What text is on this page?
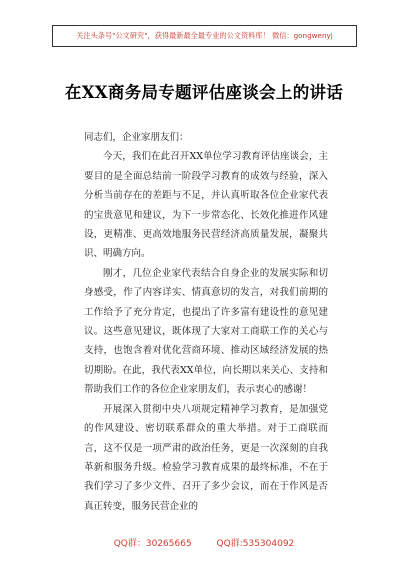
关注头条号"公文研究"，获得最新最全最专业的公文资料库！ 微信：gongwenyj
在XX商务局专题评估座谈会上的讲话

同志们，企业家朋友们：

今天，我们在此召开XX单位学习教育评估座谈会，主要目的是全面总结前一阶段学习教育的成效与经验，深入分析当前存在的差距与不足，并认真听取各位企业家代表的宝贵意见和建议，为下一步常态化、长效化推进作风建设，更精准、更高效地服务民营经济高质量发展，凝聚共识、明确方向。

刚才，几位企业家代表结合自身企业的发展实际和切身感受，作了内容详实、情真意切的发言，对我们前期的工作给予了充分肯定，也提出了许多富有建设性的意见建议。这些意见建议，既体现了大家对工商联工作的关心与支持，也饱含着对优化营商环境、推动区域经济发展的热切期盼。在此，我代表XX单位，向长期以来关心、支持和帮助我们工作的各位企业家朋友们，表示衷心的感谢！

开展深入贯彻中央八项规定精神学习教育，是加强党的作风建设、密切联系群众的重大举措。对于工商联而言，这不仅是一项严肃的政治任务，更是一次深刻的自我革新和服务升级。检验学习教育成果的最终标准，不在于我们学习了多少文件、召开了多少会议，而在于作风是否真正转变，服务民营企业的

QQ群：30265665	QQ群:535304092
